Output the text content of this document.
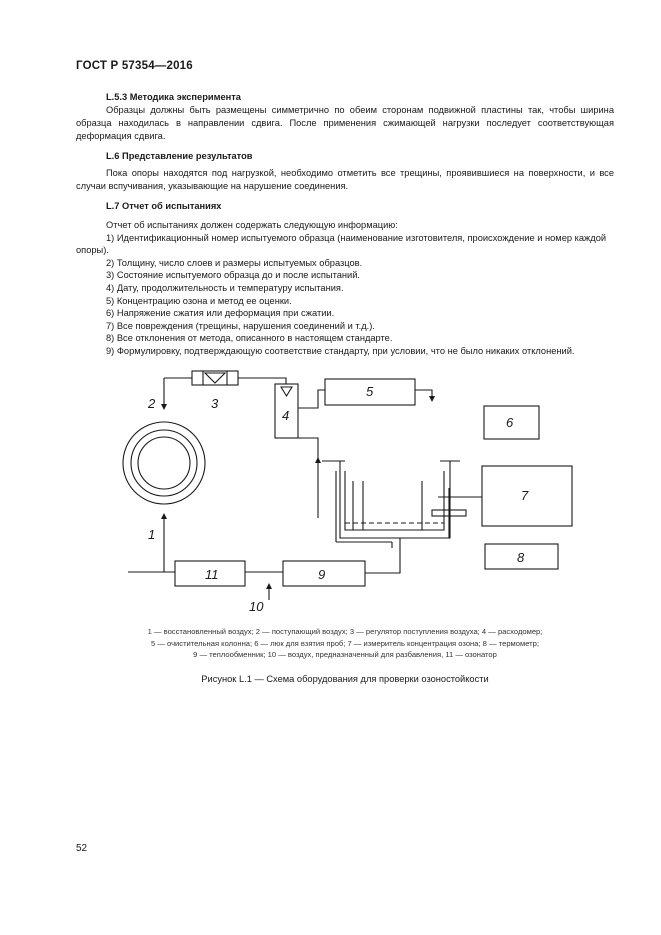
ГОСТ Р 57354—2016
L.5.3 Методика эксперимента

Образцы должны быть размещены симметрично по обеим сторонам подвижной пластины так, чтобы ширина образца находилась в направлении сдвига. После применения сжимающей нагрузки последует соответствующая деформация сдвига.

L.6 Представление результатов

Пока опоры находятся под нагрузкой, необходимо отметить все трещины, проявившиеся на поверхности, и все случаи вспучивания, указывающие на нарушение соединения.

L.7 Отчет об испытаниях
Отчет об испытаниях должен содержать следующую информацию:
1) Идентификационный номер испытуемого образца (наименование изготовителя, происхождение и номер каждой опоры).
2) Толщину, число слоев и размеры испытуемых образцов.
3) Состояние испытуемого образца до и после испытаний.
4) Дату, продолжительность и температуру испытания.
5) Концентрацию озона и метод ее оценки.
6) Напряжение сжатия или деформация при сжатии.
7) Все повреждения (трещины, нарушения соединений и т.д.).
8) Все отклонения от метода, описанного в настоящем стандарте.
9) Формулировку, подтверждающую соответствие стандарту, при условии, что не было никаких отклонений.
2	3
4
5
6
7
8
9
1
10
11
1 — восстановленный воздух; 2 — поступающий воздух; 3 — регулятор поступления воздуха; 4 — расходомер;
5 — очистительная колонна; 6 — люк для взятия проб; 7 — измеритель концентрация озона; 8 — термометр;
9 — теплообменник; 10 — воздух, предназначенный для разбавления, 11 — озонатор
Рисунок L.1 — Схема оборудования для проверки озоностойкости
52
